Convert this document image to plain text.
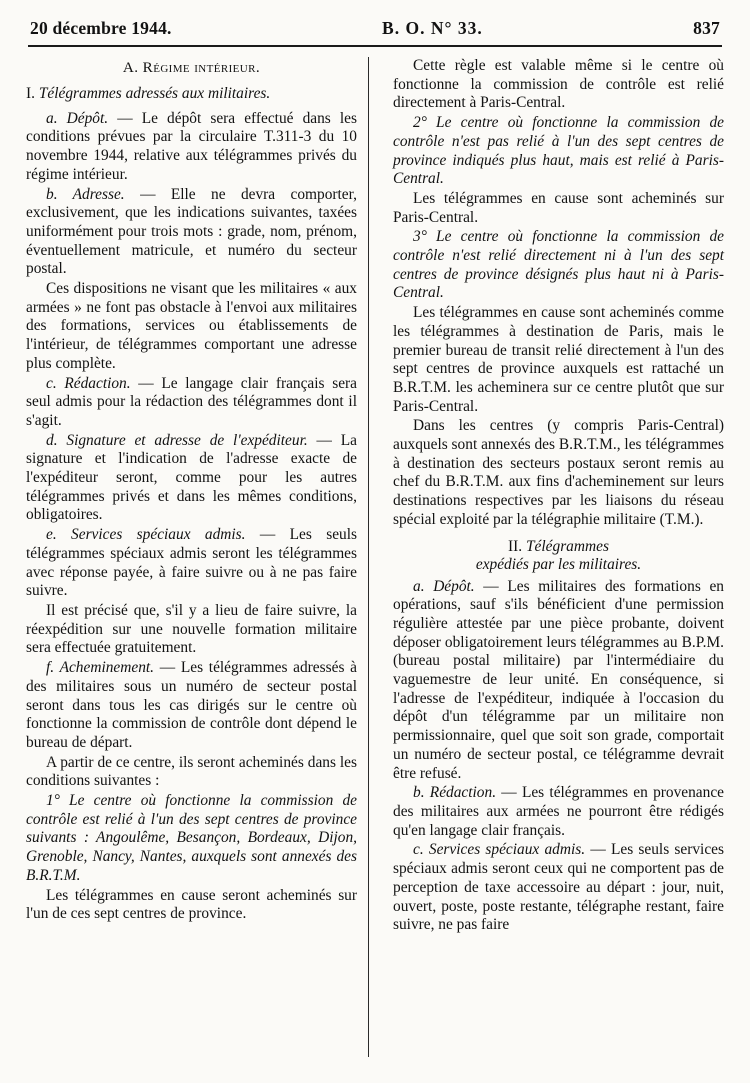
20 décembre 1944.	B. O. N° 33.	837
A. Régime intérieur.

I. Télégrammes adressés aux militaires.

a. Dépôt. — Le dépôt sera effectué dans les conditions prévues par la circulaire T.311-3 du 10 novembre 1944, relative aux télégrammes privés du régime intérieur.

b. Adresse. — Elle ne devra comporter, exclusivement, que les indications suivantes, taxées uniformément pour trois mots : grade, nom, prénom, éventuellement matricule, et numéro du secteur postal.

Ces dispositions ne visant que les militaires « aux armées » ne font pas obstacle à l'envoi aux militaires des formations, services ou établissements de l'intérieur, de télégrammes comportant une adresse plus complète.

c. Rédaction. — Le langage clair français sera seul admis pour la rédaction des télégrammes dont il s'agit.

d. Signature et adresse de l'expéditeur. — La signature et l'indication de l'adresse exacte de l'expéditeur seront, comme pour les autres télégrammes privés et dans les mêmes conditions, obligatoires.

e. Services spéciaux admis. — Les seuls télégrammes spéciaux admis seront les télégrammes avec réponse payée, à faire suivre ou à ne pas faire suivre.

Il est précisé que, s'il y a lieu de faire suivre, la réexpédition sur une nouvelle formation militaire sera effectuée gratuitement.

f. Acheminement. — Les télégrammes adressés à des militaires sous un numéro de secteur postal seront dans tous les cas dirigés sur le centre où fonctionne la commission de contrôle dont dépend le bureau de départ.

A partir de ce centre, ils seront acheminés dans les conditions suivantes :

1° Le centre où fonctionne la commission de contrôle est relié à l'un des sept centres de province suivants : Angoulême, Besançon, Bordeaux, Dijon, Grenoble, Nancy, Nantes, auxquels sont annexés des B.R.T.M.

Les télégrammes en cause seront acheminés sur l'un de ces sept centres de province.

Cette règle est valable même si le centre où fonctionne la commission de contrôle est relié directement à Paris-Central.

2° Le centre où fonctionne la commission de contrôle n'est pas relié à l'un des sept centres de province indiqués plus haut, mais est relié à Paris-Central.

Les télégrammes en cause sont acheminés sur Paris-Central.

3° Le centre où fonctionne la commission de contrôle n'est relié directement ni à l'un des sept centres de province désignés plus haut ni à Paris-Central.

Les télégrammes en cause sont acheminés comme les télégrammes à destination de Paris, mais le premier bureau de transit relié directement à l'un des sept centres de province auxquels est rattaché un B.R.T.M. les acheminera sur ce centre plutôt que sur Paris-Central.

Dans les centres (y compris Paris-Central) auxquels sont annexés des B.R.T.M., les télégrammes à destination des secteurs postaux seront remis au chef du B.R.T.M. aux fins d'acheminement sur leurs destinations respectives par les liaisons du réseau spécial exploité par la télégraphie militaire (T.M.).

II. Télégrammes
expédiés par les militaires.

a. Dépôt. — Les militaires des formations en opérations, sauf s'ils bénéficient d'une permission régulière attestée par une pièce probante, doivent déposer obligatoirement leurs télégrammes au B.P.M. (bureau postal militaire) par l'intermédiaire du vaguemestre de leur unité. En conséquence, si l'adresse de l'expéditeur, indiquée à l'occasion du dépôt d'un télégramme par un militaire non permissionnaire, quel que soit son grade, comportait un numéro de secteur postal, ce télégramme devrait être refusé.

b. Rédaction. — Les télégrammes en provenance des militaires aux armées ne pourront être rédigés qu'en langage clair français.

c. Services spéciaux admis. — Les seuls services spéciaux admis seront ceux qui ne comportent pas de perception de taxe accessoire au départ : jour, nuit, ouvert, poste, poste restante, télégraphe restant, faire suivre, ne pas faire
